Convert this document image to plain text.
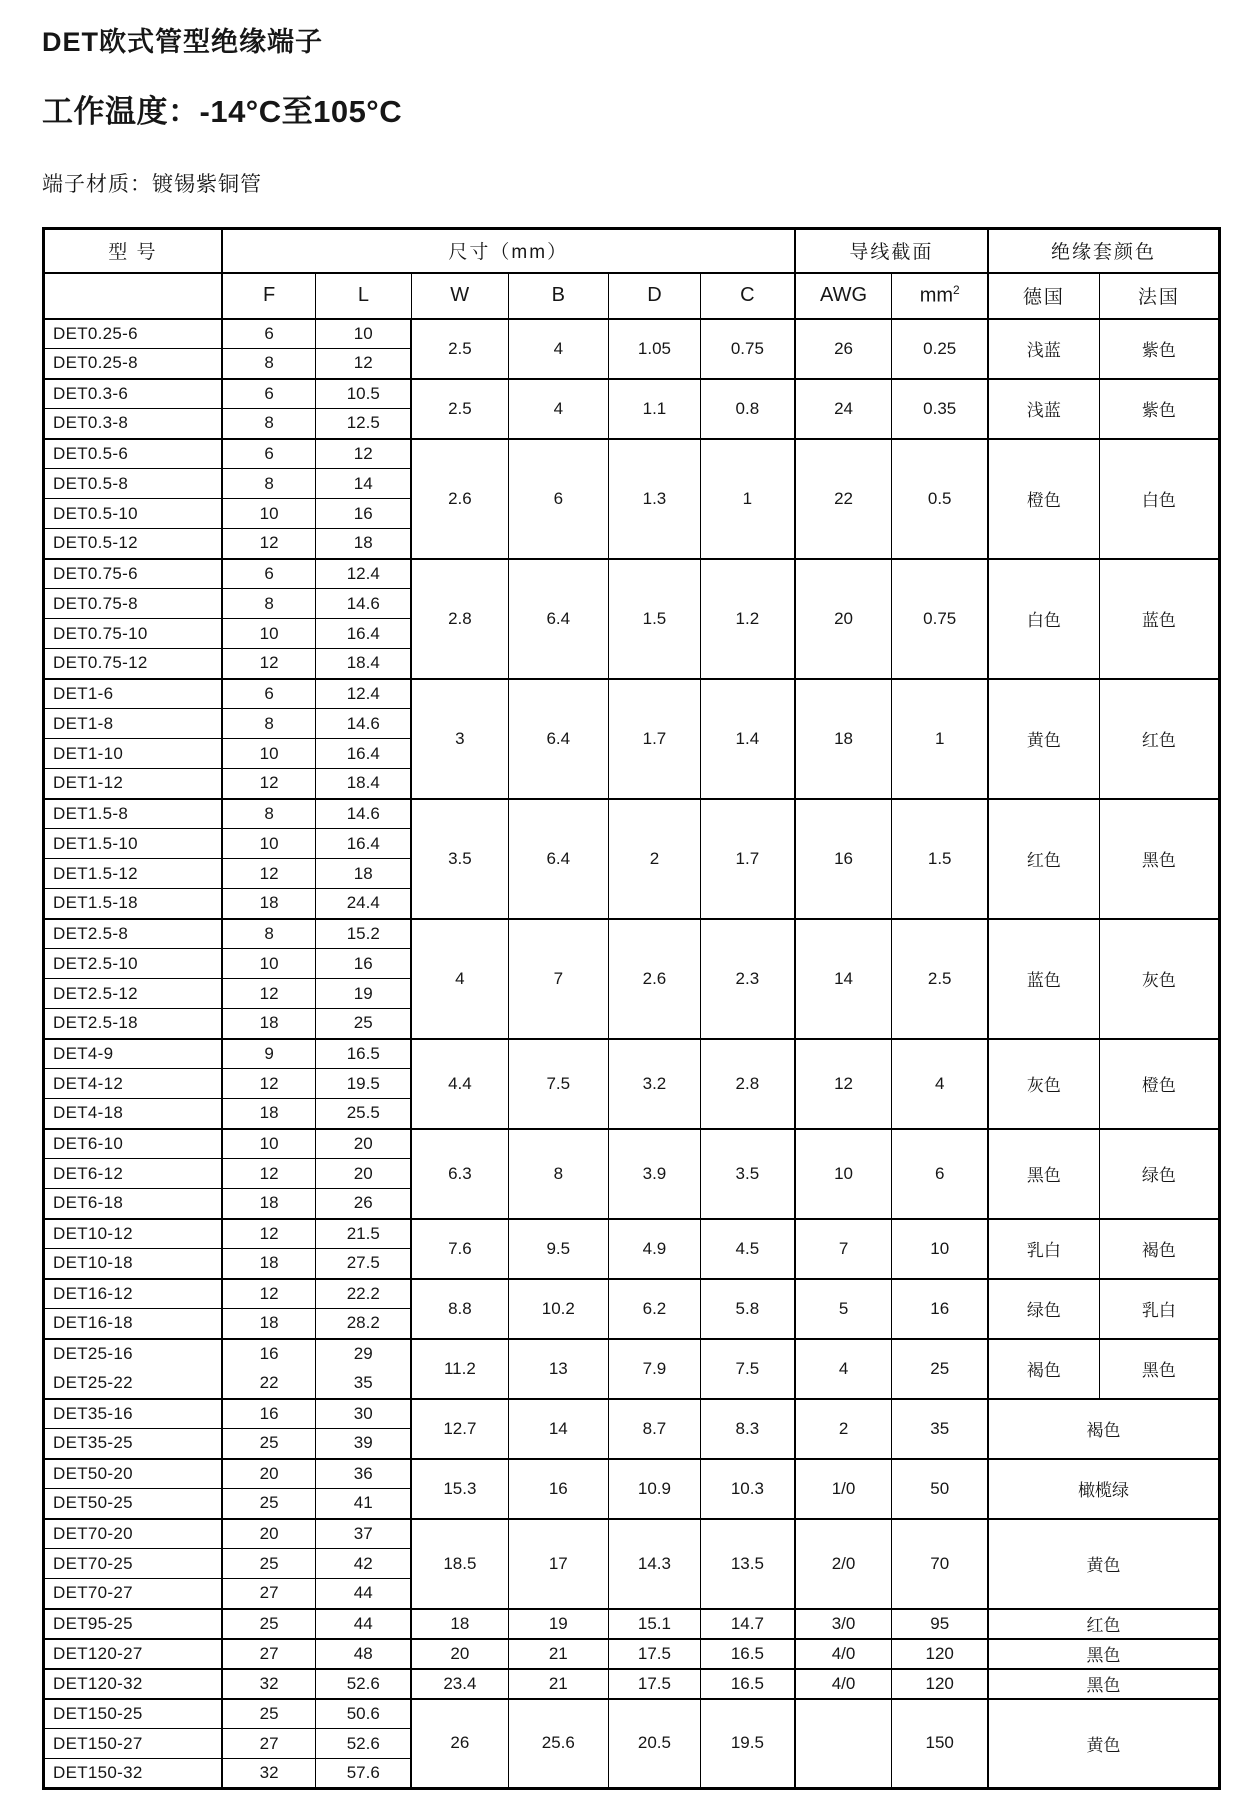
DET欧式管型绝缘端子
工作温度：-14°C至105°C
端子材质：镀锡紫铜管
型 号	尺寸（mm）						导线截面		绝缘套颜色	
	F	L	W	B	D	C	AWG	$mm^2$	德国	法国
DET0.25-6	6	10	2.5	4	1.05	0.75	26	0.25	浅蓝	紫色
DET0.25-8	8	12								
DET0.3-6	6	10.5	2.5	4	1.1	0.8	24	0.35	浅蓝	紫色
DET0.3-8	8	12.5								
DET0.5-6	6	12	2.6	6	1.3	1	22	0.5	橙色	白色
DET0.5-8	8	14								
DET0.5-10	10	16								
DET0.5-12	12	18								
DET0.75-6	6	12.4	2.8	6.4	1.5	1.2	20	0.75	白色	蓝色
DET0.75-8	8	14.6								
DET0.75-10	10	16.4								
DET0.75-12	12	18.4								
DET1-6	6	12.4	3	6.4	1.7	1.4	18	1	黄色	红色
DET1-8	8	14.6								
DET1-10	10	16.4								
DET1-12	12	18.4								
DET1.5-8	8	14.6	3.5	6.4	2	1.7	16	1.5	红色	黑色
DET1.5-10	10	16.4								
DET1.5-12	12	18								
DET1.5-18	18	24.4								
DET2.5-8	8	15.2	4	7	2.6	2.3	14	2.5	蓝色	灰色
DET2.5-10	10	16								
DET2.5-12	12	19								
DET2.5-18	18	25								
DET4-9	9	16.5	4.4	7.5	3.2	2.8	12	4	灰色	橙色
DET4-12	12	19.5								
DET4-18	18	25.5								
DET6-10	10	20	6.3	8	3.9	3.5	10	6	黑色	绿色
DET6-12	12	20								
DET6-18	18	26								
DET10-12	12	21.5	7.6	9.5	4.9	4.5	7	10	乳白	褐色
DET10-18	18	27.5								
DET16-12	12	22.2	8.8	10.2	6.2	5.8	5	16	绿色	乳白
DET16-18	18	28.2								
DET25-16	16	29	11.2	13	7.9	7.5	4	25	褐色	黑色
DET25-22	22	35								
DET35-16	16	30	12.7	14	8.7	8.3	2	35	褐色	
DET35-25	25	39								
DET50-20	20	36	15.3	16	10.9	10.3	1/0	50	橄榄绿	
DET50-25	25	41								
DET70-20	20	37	18.5	17	14.3	13.5	2/0	70	黄色	
DET70-25	25	42								
DET70-27	27	44								
DET95-25	25	44	18	19	15.1	14.7	3/0	95	红色	
DET120-27	27	48	20	21	17.5	16.5	4/0	120	黑色	
DET120-32	32	52.6	23.4	21	17.5	16.5	4/0	120	黑色	
DET150-25	25	50.6	26	25.6	20.5	19.5		150	黄色	
DET150-27	27	52.6								
DET150-32	32	57.6								
